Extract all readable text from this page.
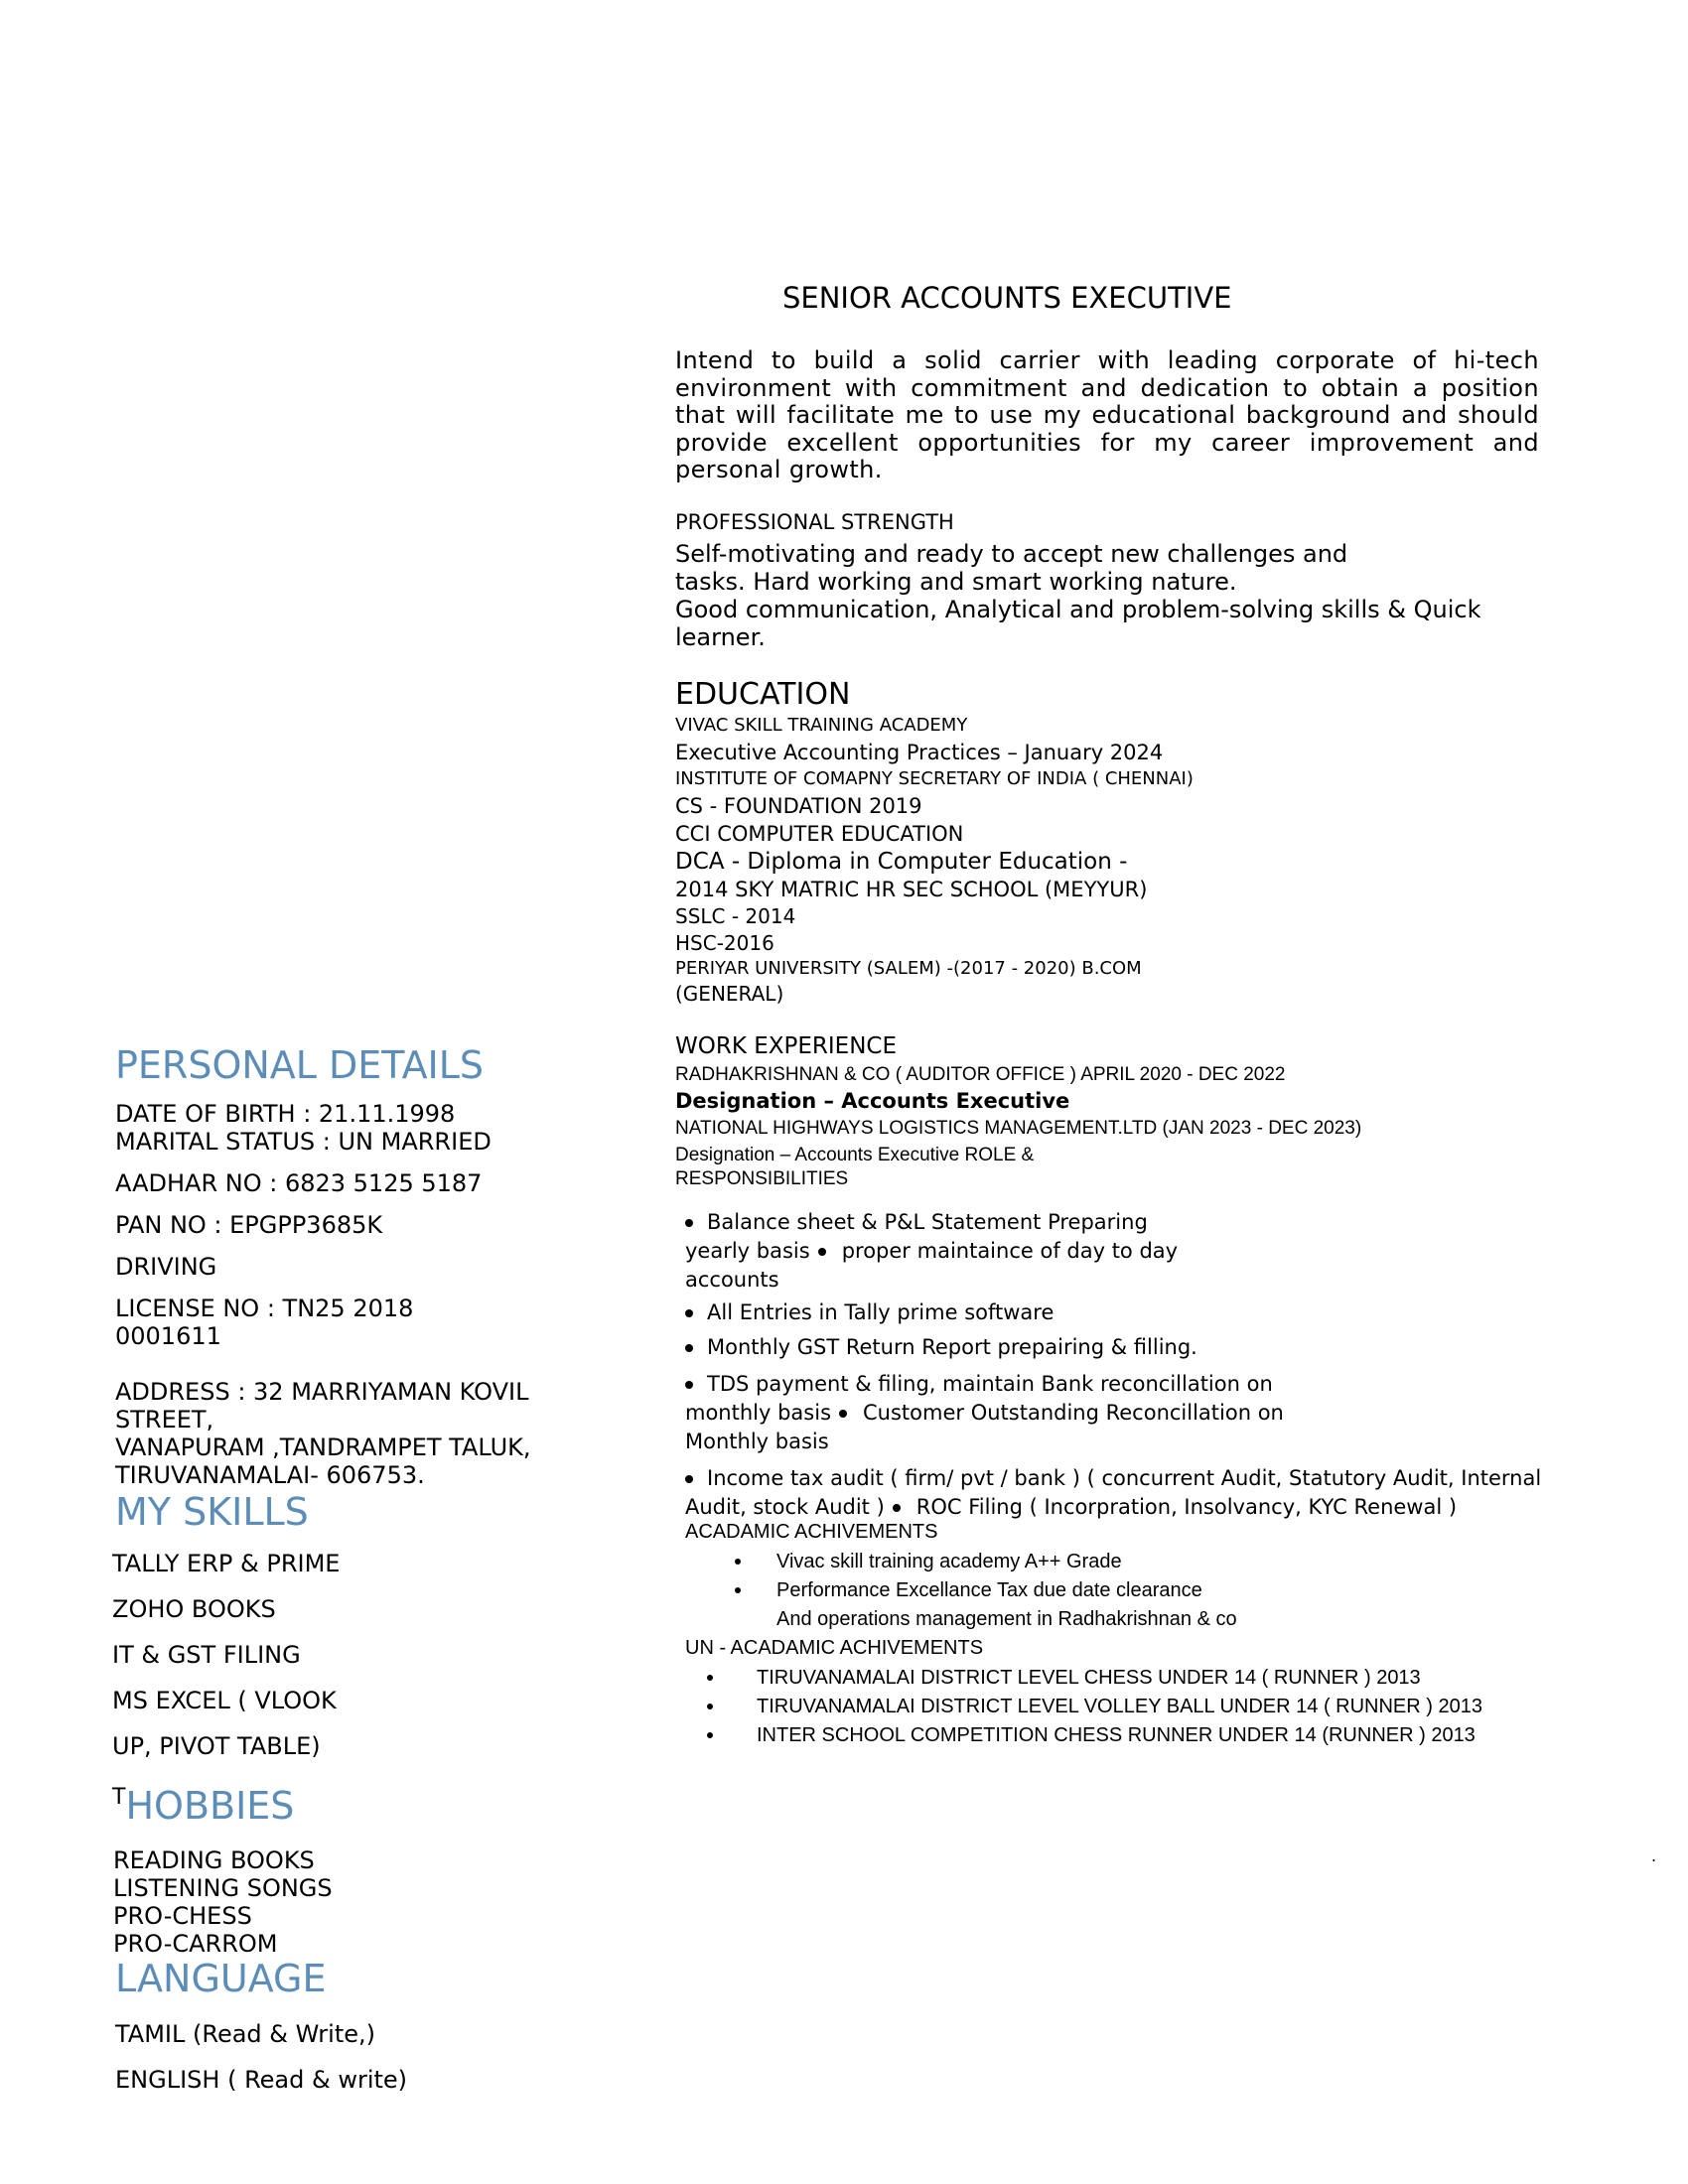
SENIOR ACCOUNTS EXECUTIVE

Intend to build a solid carrier with leading corporate of hi-tech environment with commitment and dedication to obtain a position that will facilitate me to use my educational background and should provide excellent opportunities for my career improvement and personal growth.

PROFESSIONAL STRENGTH
Self-motivating and ready to accept new challenges and
tasks. Hard working and smart working nature.
Good communication, Analytical and problem-solving skills & Quick
learner.
EDUCATION
VIVAC SKILL TRAINING ACADEMY
Executive Accounting Practices – January 2024
INSTITUTE OF COMAPNY SECRETARY OF INDIA ( CHENNAI)
CS - FOUNDATION 2019
CCI COMPUTER EDUCATION
DCA - Diploma in Computer Education -
2014 SKY MATRIC HR SEC SCHOOL (MEYYUR)
SSLC - 2014
HSC-2016
PERIYAR UNIVERSITY (SALEM) -(2017 - 2020) B.COM
(GENERAL)
WORK EXPERIENCE
RADHAKRISHNAN & CO ( AUDITOR OFFICE ) APRIL 2020 - DEC 2022
Designation – Accounts Executive
NATIONAL HIGHWAYS LOGISTICS MANAGEMENT.LTD (JAN 2023 - DEC 2023)
Designation – Accounts Executive ROLE &
RESPONSIBILITIES
Balance sheet & P&L Statement Preparing
yearly basis proper maintaince of day to day
accounts
All Entries in Tally prime software
Monthly GST Return Report prepairing & filling.
TDS payment & filing, maintain Bank reconcillation on
monthly basis Customer Outstanding Reconcillation on
Monthly basis
Income tax audit ( firm/ pvt / bank ) ( concurrent Audit, Statutory Audit, Internal
Audit, stock Audit ) ROC Filing ( Incorpration, Insolvancy, KYC Renewal )
ACADAMIC ACHIVEMENTS
Vivac skill training academy A++ Grade
Performance Excellance Tax due date clearance
And operations management in Radhakrishnan & co
UN - ACADAMIC ACHIVEMENTS
TIRUVANAMALAI DISTRICT LEVEL CHESS UNDER 14 ( RUNNER ) 2013
TIRUVANAMALAI DISTRICT LEVEL VOLLEY BALL UNDER 14 ( RUNNER ) 2013
INTER SCHOOL COMPETITION CHESS RUNNER UNDER 14 (RUNNER ) 2013
.
PERSONAL DETAILS
DATE OF BIRTH : 21.11.1998
MARITAL STATUS : UN MARRIED
AADHAR NO : 6823 5125 5187
PAN NO : EPGPP3685K
DRIVING
LICENSE NO : TN25 2018
0001611
ADDRESS : 32 MARRIYAMAN KOVIL
STREET,
VANAPURAM ,TANDRAMPET TALUK,
TIRUVANAMALAI- 606753.
MY SKILLS
TALLY ERP & PRIME
ZOHO BOOKS
IT & GST FILING
MS EXCEL ( VLOOK
UP, PIVOT TABLE)
THOBBIES
READING BOOKS
LISTENING SONGS
PRO-CHESS
PRO-CARROM
LANGUAGE
TAMIL (Read & Write,)
ENGLISH ( Read & write)
